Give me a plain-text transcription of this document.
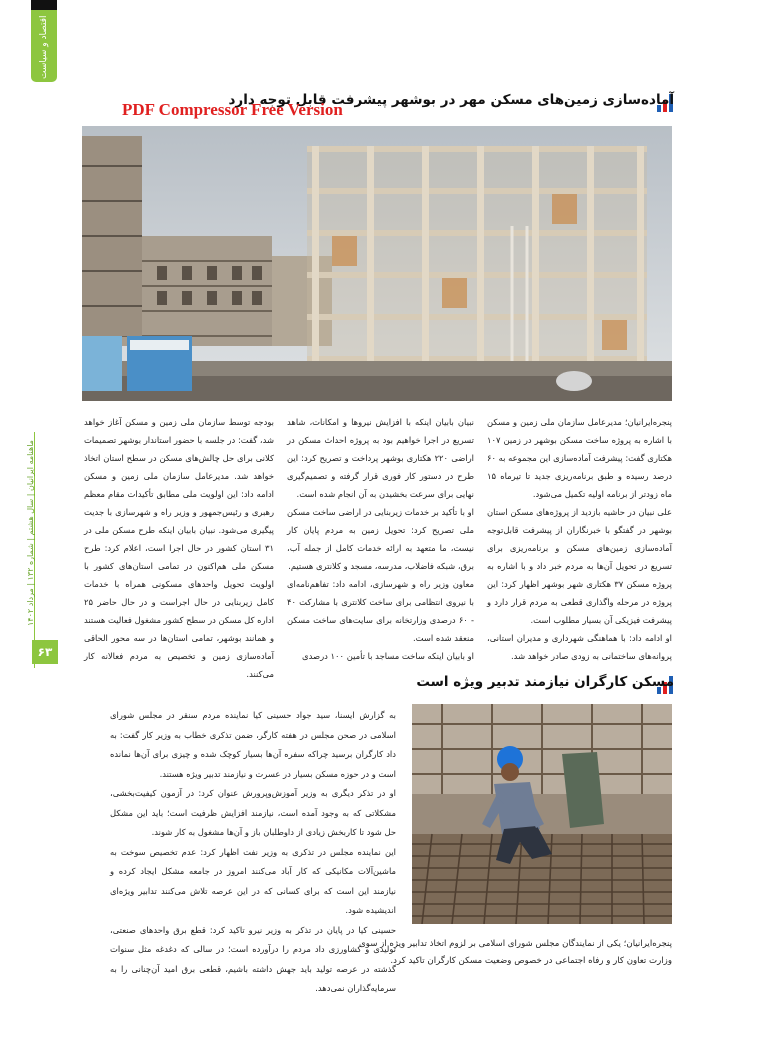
اقتصاد و سیاست
ماهنامه ایرانیان | سال هشتم | شماره ۱۳۲ | مرداد ۱۴۰۲
۶۳
آماده‌سازی زمین‌های مسکن مهر در بوشهر پیشرفت قابل توجه دارد
PDF Compressor Free Version

پنجره‌ایرانیان؛ مدیرعامل سازمان ملی زمین و مسکن با اشاره به پروژه ساخت مسکن بوشهر در زمین ۱۰۷ هکتاری گفت: پیشرفت آماده‌سازی این مجموعه به ۶۰ درصد رسیده و طبق برنامه‌ریزی جدید تا تیرماه ۱۵ ماه زودتر از برنامه اولیه تکمیل می‌شود.

علی نبیان در حاشیه بازدید از پروژه‌های مسکن استان بوشهر در گفتگو با خبرنگاران از پیشرفت قابل‌توجه آماده‌سازی زمین‌های مسکن و برنامه‌ریزی برای تسریع در تحویل آن‌ها به مردم خبر داد و با اشاره به پروژه مسکن ۳۷ هکتاری شهر بوشهر اظهار کرد: این پروژه در مرحله واگذاری قطعی به مردم قرار دارد و پیشرفت فیزیکی آن بسیار مطلوب است.

او ادامه داد: با هماهنگی شهرداری و مدیران استانی، پروانه‌های ساختمانی به زودی صادر خواهد شد.

نبیان بابیان اینکه با افزایش نیروها و امکانات، شاهد تسریع در اجرا خواهیم بود به پروژه احداث مسکن در اراضی ۲۲۰ هکتاری بوشهر پرداخت و تصریح کرد: این طرح در دستور کار فوری قرار گرفته و تصمیم‌گیری نهایی برای سرعت بخشیدن به آن انجام شده است.

او با تأکید بر خدمات زیربنایی در اراضی ساخت مسکن ملی تصریح کرد: تحویل زمین به مردم پایان کار نیست، ما متعهد به ارائه خدمات کامل از جمله آب، برق، شبکه فاضلاب، مدرسه، مسجد و کلانتری هستیم.

معاون وزیر راه و شهرسازی، ادامه داد: تفاهم‌نامه‌ای با نیروی انتظامی برای ساخت کلانتری با مشارکت ۴۰ - ۶۰ درصدی وزارتخانه برای سایت‌های ساخت مسکن منعقد شده است.

او بابیان اینکه ساخت مساجد با تأمین ۱۰۰ درصدی

بودجه توسط سازمان ملی زمین و مسکن آغاز خواهد شد، گفت: در جلسه با حضور استاندار بوشهر تصمیمات کلانی برای حل چالش‌های مسکن در سطح استان اتخاذ خواهد شد. مدیرعامل سازمان ملی زمین و مسکن ادامه داد: این اولویت ملی مطابق تأکیدات مقام معظم رهبری و رئیس‌جمهور و وزیر راه و شهرسازی با جدیت پیگیری می‌شود. نبیان بابیان اینکه طرح مسکن ملی در ۳۱ استان کشور در حال اجرا است، اعلام کرد: طرح مسکن ملی هم‌اکنون در تمامی استان‌های کشور با اولویت تحویل واحدهای مسکونی همراه با خدمات کامل زیربنایی در حال اجراست و در حال حاضر ۲۵ اداره کل مسکن در سطح کشور مشغول فعالیت هستند و همانند بوشهر، تمامی استان‌ها در سه محور الحاقی آماده‌سازی زمین و تخصیص به مردم فعالانه کار می‌کنند.	مسکن کارگران نیازمند تدبیر ویژه است

به گزارش ایسنا، سید جواد حسینی کیا نماینده مردم سنقر در مجلس شورای اسلامی در صحن مجلس در هفته کارگر، ضمن تذکری خطاب به وزیر کار گفت: به داد کارگران برسید چراکه سفره آن‌ها بسیار کوچک شده و چیزی برای آن‌ها نمانده است و در حوزه مسکن بسیار در عسرت و نیازمند تدبیر ویژه هستند.

او در تذکر دیگری به وزیر آموزش‌وپرورش عنوان کرد: در آزمون کیفیت‌بخشی، مشکلاتی که به وجود آمده است، نیازمند افزایش ظرفیت است؛ باید این مشکل حل شود تا کاربخش زیادی از داوطلبان باز و آن‌ها مشغول به کار شوند.

این نماینده مجلس در تذکری به وزیر نفت اظهار کرد: عدم تخصیص سوخت به ماشین‌آلات مکانیکی که کار آباد می‌کنند امروز در جامعه مشکل ایجاد کرده و نیازمند این است که برای کسانی که در این عرصه تلاش می‌کنند تدابیر ویژه‌ای اندیشیده شود.

حسینی کیا در پایان در تذکر به وزیر نیرو تاکید کرد: قطع برق واحدهای صنعتی، تولیدی و کشاورزی داد مردم را درآورده است؛ در سالی که دغدغه مثل سنوات گذشته در عرصه تولید باید جهش داشته باشیم، قطعی برق امید آن‌چنانی را به سرمایه‌گذاران نمی‌دهد.

پنجره‌ایرانیان؛ یکی از نمایندگان مجلس شورای اسلامی بر لزوم اتخاذ تدابیر ویژه از سوی وزارت تعاون کار و رفاه اجتماعی در خصوص وضعیت مسکن کارگران تاکید کرد.
